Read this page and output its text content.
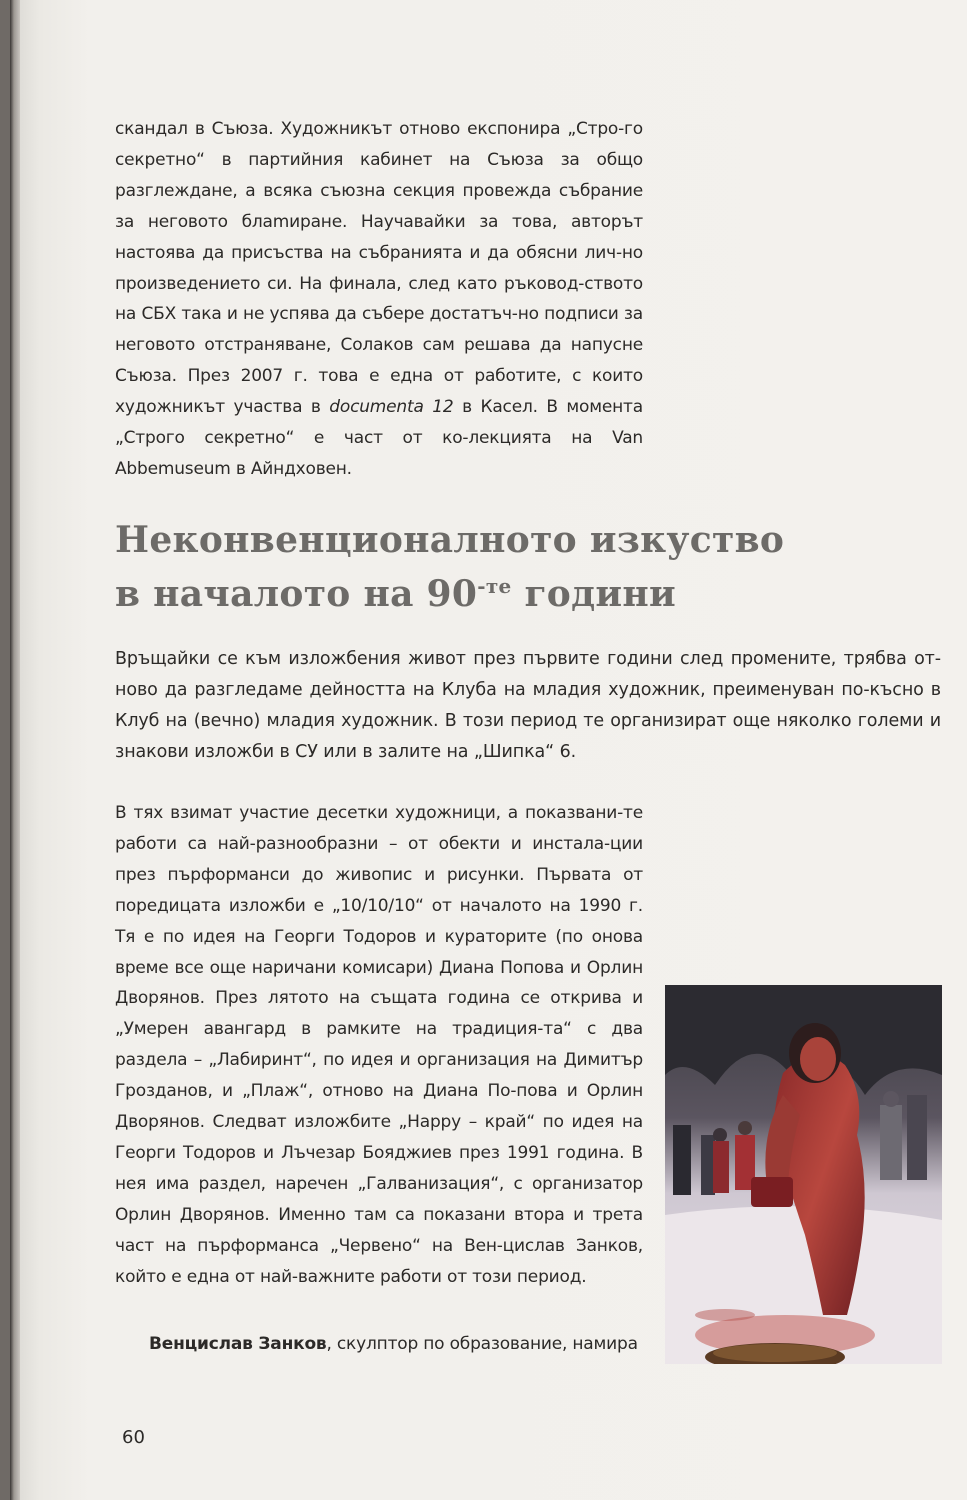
скандал в Съюза. Художникът отново експонира „Стро-го секретно“ в партийния кабинет на Съюза за общо разглеждане, а всяка съюзна секция провежда събрание за неговото блamиране. Научавайки за това, авторът настоява да присъства на събранията и да обясни лич-но произведението си. На финала, след като ръковод-ството на СБХ така и не успява да събере достатъч-но подписи за неговото отстраняване, Солаков сам решава да напусне Съюза. През 2007 г. това е една от работите, с които художникът участва в documenta 12 в Касел. В момента „Строго секретно“ е част от ко-лекцията на Van Abbemuseum в Айндховен.

Неконвенционалното изкуство
в началото на $90^{-те}$ години

Връщайки се към изложбения живот през първите години след промените, трябва от-ново да разгледаме дейността на Клуба на младия художник, преименуван по-късно в Клуб на (вечно) младия художник. В този период те организират още няколко големи и знакови изложби в СУ или в залите на „Шипка“ 6.

В тях взимат участие десетки художници, а показвани-те работи са най-разнообразни – от обекти и инстала-ции през пърформанси до живопис и рисунки. Първата от поредицата изложби е „10/10/10“ от началото на 1990 г. Тя е по идея на Георги Тодоров и кураторите (по онова време все още наричани комисари) Диана Попова и Орлин Дворянов. През лятото на същата година се открива и „Умерен авангард в рамките на традиция-та“ с два раздела – „Лабиринт“, по идея и организация на Димитър Грозданов, и „Плаж“, отново на Диана По-пова и Орлин Дворянов. Следват изложбите „Happy – край“ по идея на Георги Тодоров и Лъчезар Бояджиев през 1991 година. В нея има раздел, наречен „Галванизация“, с организатор Орлин Дворянов. Именно там са показани втора и трета част на пърформанса „Червено“ на Вен-цислав Занков, който е една от най-важните работи от този период.

Венцислав Занков, скулптор по образование, намира

60
